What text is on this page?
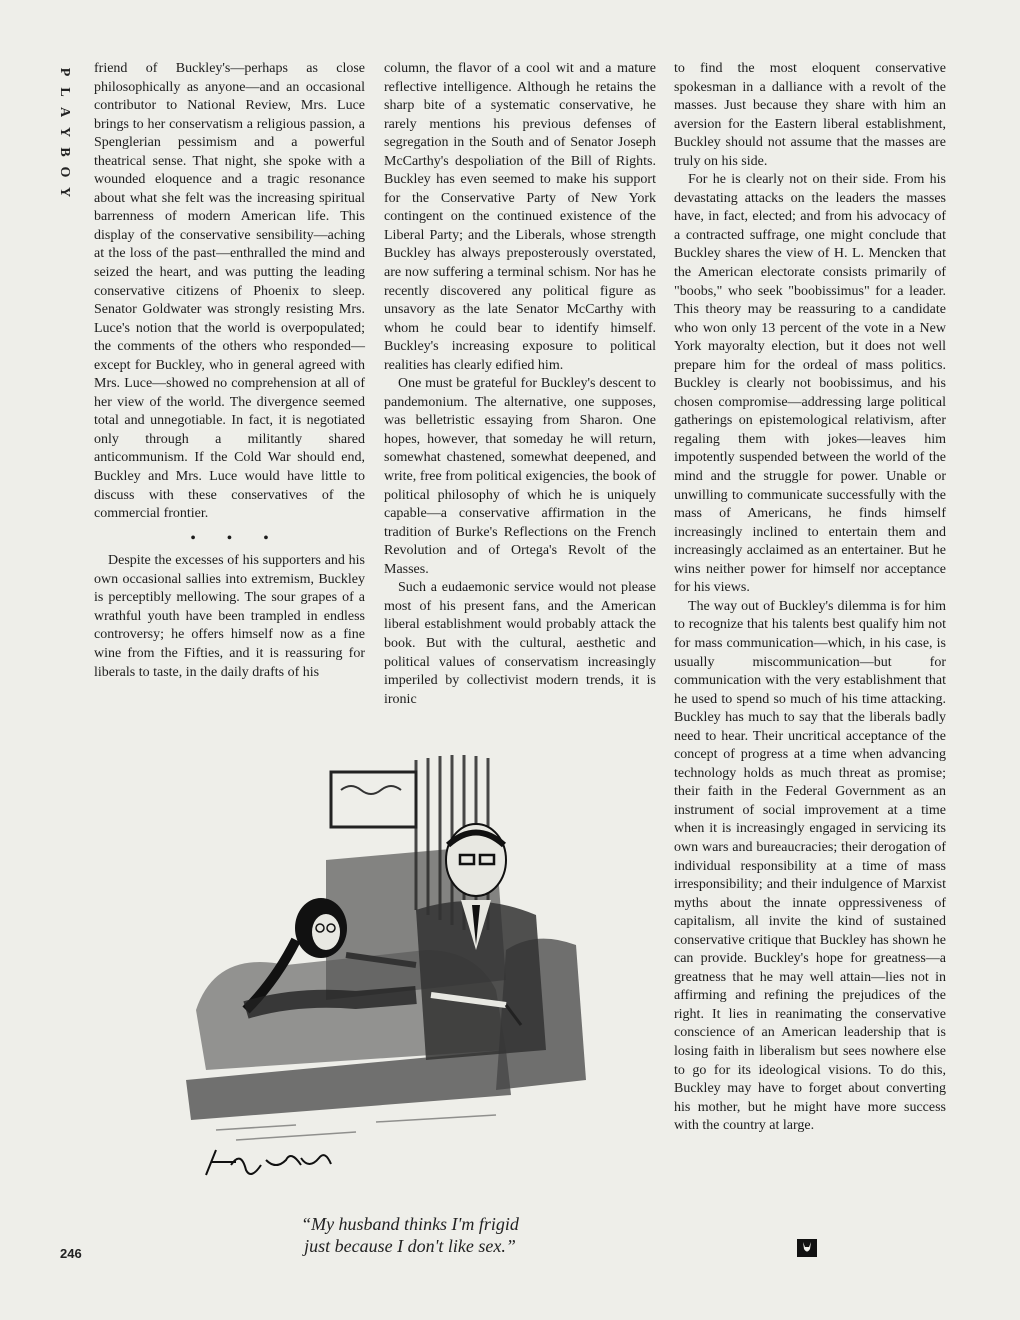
P
L
A
Y
B
O
Y

friend of Buckley's—perhaps as close philosophically as anyone—and an occasional contributor to National Review, Mrs. Luce brings to her conservatism a religious passion, a Spenglerian pessimism and a powerful theatrical sense. That night, she spoke with a wounded eloquence and a tragic resonance about what she felt was the increasing spiritual barrenness of modern American life. This display of the conservative sensibility—aching at the loss of the past—enthralled the mind and seized the heart, and was putting the leading conservative citizens of Phoenix to sleep. Senator Goldwater was strongly resisting Mrs. Luce's notion that the world is overpopulated; the comments of the others who responded—except for Buckley, who in general agreed with Mrs. Luce—showed no comprehension at all of her view of the world. The divergence seemed total and unnegotiable. In fact, it is negotiated only through a militantly shared anticommunism. If the Cold War should end, Buckley and Mrs. Luce would have little to discuss with these conservatives of the commercial frontier.

• • •

Despite the excesses of his supporters and his own occasional sallies into extremism, Buckley is perceptibly mellowing. The sour grapes of a wrathful youth have been trampled in endless controversy; he offers himself now as a fine wine from the Fifties, and it is reassuring for liberals to taste, in the daily drafts of his

column, the flavor of a cool wit and a mature reflective intelligence. Although he retains the sharp bite of a systematic conservative, he rarely mentions his previous defenses of segregation in the South and of Senator Joseph McCarthy's despoliation of the Bill of Rights. Buckley has even seemed to make his support for the Conservative Party of New York contingent on the continued existence of the Liberal Party; and the Liberals, whose strength Buckley has always preposterously overstated, are now suffering a terminal schism. Nor has he recently discovered any political figure as unsavory as the late Senator McCarthy with whom he could bear to identify himself. Buckley's increasing exposure to political realities has clearly edified him.

One must be grateful for Buckley's descent to pandemonium. The alternative, one supposes, was belletristic essaying from Sharon. One hopes, however, that someday he will return, somewhat chastened, somewhat deepened, and write, free from political exigencies, the book of political philosophy of which he is uniquely capable—a conservative affirmation in the tradition of Burke's Reflections on the French Revolution and of Ortega's Revolt of the Masses.

Such a eudaemonic service would not please most of his present fans, and the American liberal establishment would probably attack the book. But with the cultural, aesthetic and political values of conservatism increasingly imperiled by collectivist modern trends, it is ironic

to find the most eloquent conservative spokesman in a dalliance with a revolt of the masses. Just because they share with him an aversion for the Eastern liberal establishment, Buckley should not assume that the masses are truly on his side.

For he is clearly not on their side. From his devastating attacks on the leaders the masses have, in fact, elected; and from his advocacy of a contracted suffrage, one might conclude that Buckley shares the view of H. L. Mencken that the American electorate consists primarily of "boobs," who seek "boobissimus" for a leader. This theory may be reassuring to a candidate who won only 13 percent of the vote in a New York mayoralty election, but it does not well prepare him for the ordeal of mass politics. Buckley is clearly not boobissimus, and his chosen compromise—addressing large political gatherings on epistemological relativism, after regaling them with jokes—leaves him impotently suspended between the world of the mind and the struggle for power. Unable or unwilling to communicate successfully with the mass of Americans, he finds himself increasingly inclined to entertain them and increasingly acclaimed as an entertainer. But he wins neither power for himself nor acceptance for his views.

The way out of Buckley's dilemma is for him to recognize that his talents best qualify him not for mass communication—which, in his case, is usually miscommunication—but for communication with the very establishment that he used to spend so much of his time attacking. Buckley has much to say that the liberals badly need to hear. Their uncritical acceptance of the concept of progress at a time when advancing technology holds as much threat as promise; their faith in the Federal Government as an instrument of social improvement at a time when it is increasingly engaged in servicing its own wars and bureaucracies; their derogation of individual responsibility at a time of mass irresponsibility; and their indulgence of Marxist myths about the innate oppressiveness of capitalism, all invite the kind of sustained conservative critique that Buckley has shown he can provide. Buckley's hope for greatness—a greatness that he may well attain—lies not in affirming and refining the prejudices of the right. It lies in reanimating the conservative conscience of an American leadership that is losing faith in liberalism but sees nowhere else to go for its ideological visions. To do this, Buckley may have to forget about converting his mother, but he might have more success with the country at large.

“My husband thinks I'm frigid
just because I don't like sex.”
246
